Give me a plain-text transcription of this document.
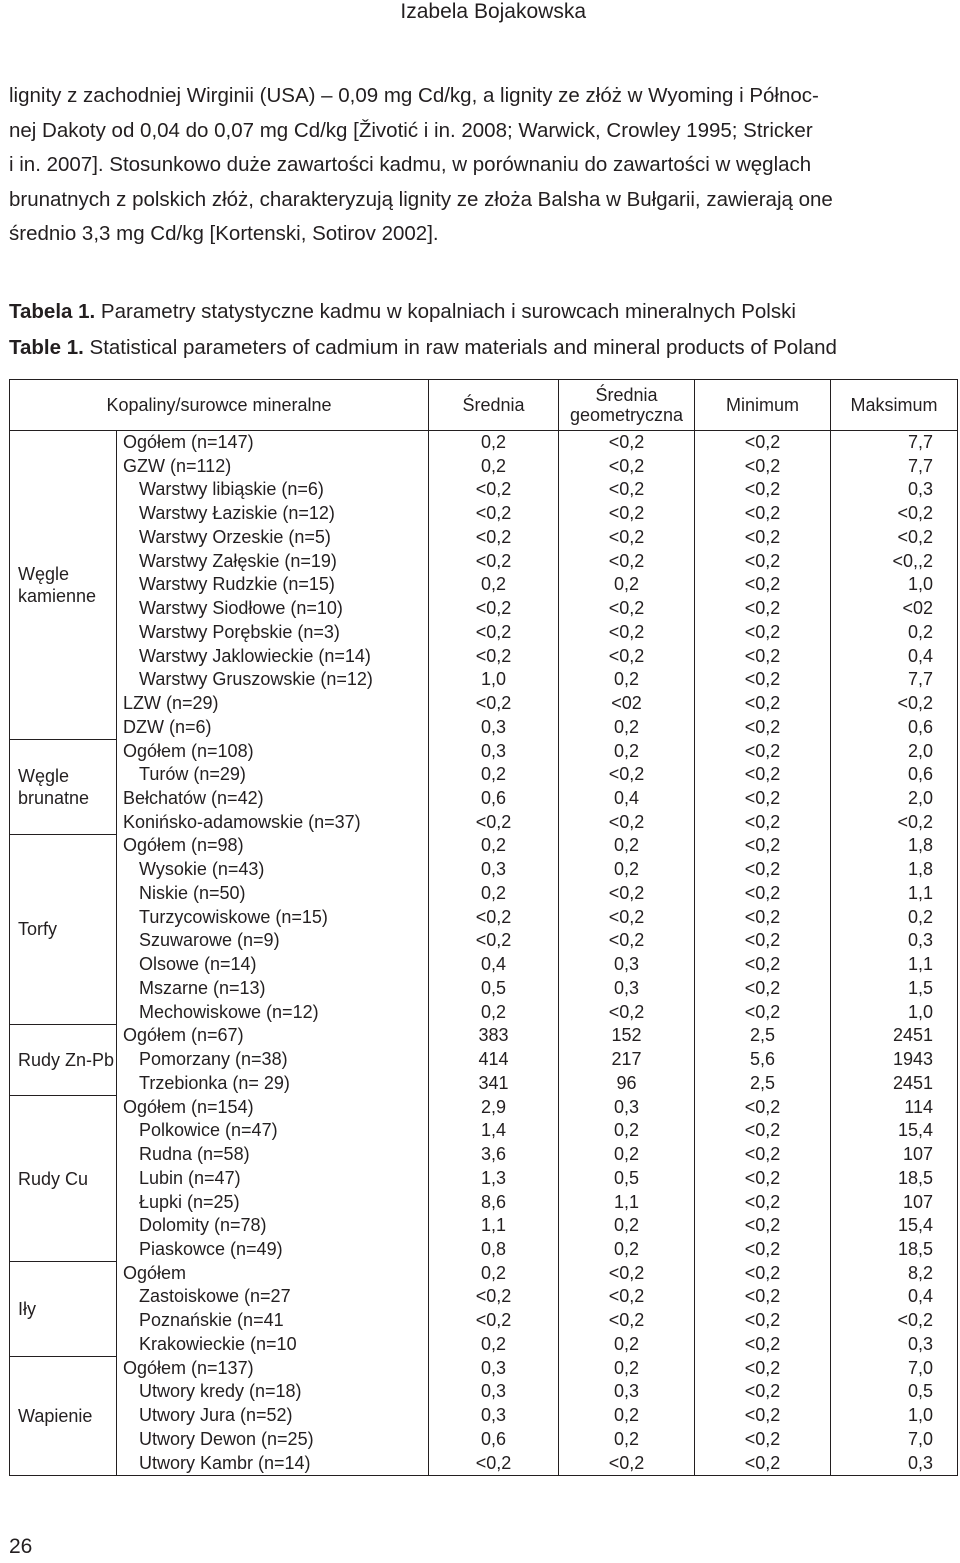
Izabela Bojakowska

lignity z zachodniej Wirginii (USA) – 0,09 mg Cd/kg, a lignity ze złóż w Wyoming i Północ-
nej Dakoty od 0,04 do 0,07 mg Cd/kg [Životić i in. 2008; Warwick, Crowley 1995; Stricker
i in. 2007]. Stosunkowo duże zawartości kadmu, w porównaniu do zawartości w węglach
brunatnych z polskich złóż, charakteryzują lignity ze złoża Balsha w Bułgarii, zawierają one
średnio 3,3 mg Cd/kg [Kortenski, Sotirov 2002].

Tabela 1. Parametry statystyczne kadmu w kopalniach i surowcach mineralnych Polski
Table 1. Statistical parameters of cadmium in raw materials and mineral products of Poland
Kopaliny/surowce mineralne		Średnia	Średnia geometryczna	Minimum	Maksimum
Węgle kamienne	Ogółem (n=147)	0,2	<0,2	<0,2	7,7
	GZW (n=112)	0,2	<0,2	<0,2	7,7
	Warstwy libiąskie (n=6)	<0,2	<0,2	<0,2	0,3
	Warstwy Łaziskie (n=12)	<0,2	<0,2	<0,2	<0,2
	Warstwy Orzeskie (n=5)	<0,2	<0,2	<0,2	<0,2
	Warstwy Załęskie (n=19)	<0,2	<0,2	<0,2	<0,,2
	Warstwy Rudzkie (n=15)	0,2	0,2	<0,2	1,0
	Warstwy Siodłowe (n=10)	<0,2	<0,2	<0,2	<02
	Warstwy Porębskie (n=3)	<0,2	<0,2	<0,2	0,2
	Warstwy Jaklowieckie (n=14)	<0,2	<0,2	<0,2	0,4
	Warstwy Gruszowskie (n=12)	1,0	0,2	<0,2	7,7
	LZW (n=29)	<0,2	<02	<0,2	<0,2
	DZW (n=6)	0,3	0,2	<0,2	0,6
Węgle brunatne	Ogółem (n=108)	0,3	0,2	<0,2	2,0
	Turów (n=29)	0,2	<0,2	<0,2	0,6
	Bełchatów (n=42)	0,6	0,4	<0,2	2,0
	Konińsko-adamowskie (n=37)	<0,2	<0,2	<0,2	<0,2
Torfy	Ogółem (n=98)	0,2	0,2	<0,2	1,8
	Wysokie (n=43)	0,3	0,2	<0,2	1,8
	Niskie (n=50)	0,2	<0,2	<0,2	1,1
	Turzycowiskowe (n=15)	<0,2	<0,2	<0,2	0,2
	Szuwarowe (n=9)	<0,2	<0,2	<0,2	0,3
	Olsowe (n=14)	0,4	0,3	<0,2	1,1
	Mszarne (n=13)	0,5	0,3	<0,2	1,5
	Mechowiskowe (n=12)	0,2	<0,2	<0,2	1,0
Rudy Zn-Pb	Ogółem (n=67)	383	152	2,5	2451
	Pomorzany (n=38)	414	217	5,6	1943
	Trzebionka (n= 29)	341	96	2,5	2451
Rudy Cu	Ogółem (n=154)	2,9	0,3	<0,2	114
	Polkowice (n=47)	1,4	0,2	<0,2	15,4
	Rudna (n=58)	3,6	0,2	<0,2	107
	Lubin (n=47)	1,3	0,5	<0,2	18,5
	Łupki (n=25)	8,6	1,1	<0,2	107
	Dolomity (n=78)	1,1	0,2	<0,2	15,4
	Piaskowce (n=49)	0,8	0,2	<0,2	18,5
Iły	Ogółem	0,2	<0,2	<0,2	8,2
	Zastoiskowe (n=27	<0,2	<0,2	<0,2	0,4
	Poznańskie (n=41	<0,2	<0,2	<0,2	<0,2
	Krakowieckie (n=10	0,2	0,2	<0,2	0,3
Wapienie	Ogółem (n=137)	0,3	0,2	<0,2	7,0
	Utwory kredy (n=18)	0,3	0,3	<0,2	0,5
	Utwory Jura (n=52)	0,3	0,2	<0,2	1,0
	Utwory Dewon (n=25)	0,6	0,2	<0,2	7,0
	Utwory Kambr (n=14)	<0,2	<0,2	<0,2	0,3
26
